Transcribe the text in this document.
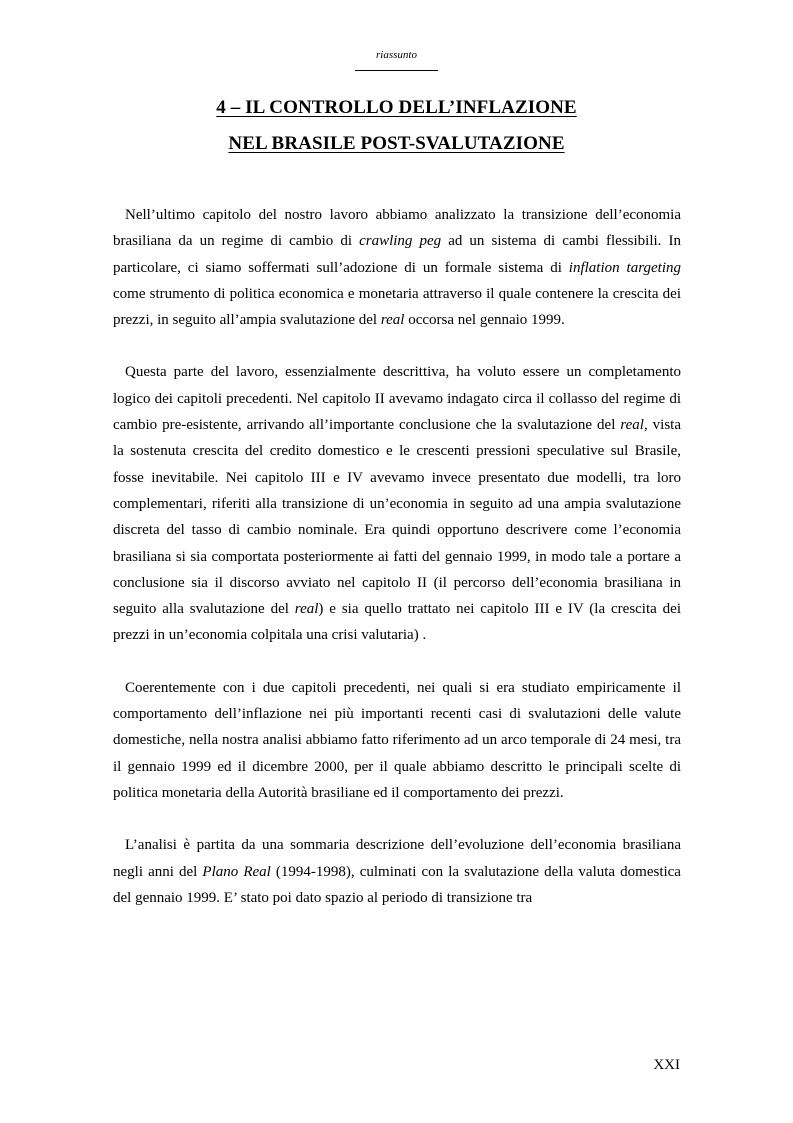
riassunto
4 – IL CONTROLLO DELL’INFLAZIONE
NEL BRASILE POST-SVALUTAZIONE

Nell’ultimo capitolo del nostro lavoro abbiamo analizzato la transizione dell’economia brasiliana da un regime di cambio di crawling peg ad un sistema di cambi flessibili. In particolare, ci siamo soffermati sull’adozione di un formale sistema di inflation targeting come strumento di politica economica e monetaria attraverso il quale contenere la crescita dei prezzi, in seguito all’ampia svalutazione del real occorsa nel gennaio 1999.

Questa parte del lavoro, essenzialmente descrittiva, ha voluto essere un completamento logico dei capitoli precedenti. Nel capitolo II avevamo indagato circa il collasso del regime di cambio pre-esistente, arrivando all’importante conclusione che la svalutazione del real, vista la sostenuta crescita del credito domestico e le crescenti pressioni speculative sul Brasile, fosse inevitabile. Nei capitolo III e IV avevamo invece presentato due modelli, tra loro complementari, riferiti alla transizione di un’economia in seguito ad una ampia svalutazione discreta del tasso di cambio nominale. Era quindi opportuno descrivere come l’economia brasiliana si sia comportata posteriormente ai fatti del gennaio 1999, in modo tale a portare a conclusione sia il discorso avviato nel capitolo II (il percorso dell’economia brasiliana in seguito alla svalutazione del real) e sia quello trattato nei capitolo III e IV (la crescita dei prezzi in un’economia colpitala una crisi valutaria) .

Coerentemente con i due capitoli precedenti, nei quali si era studiato empiricamente il comportamento dell’inflazione nei più importanti recenti casi di svalutazioni delle valute domestiche, nella nostra analisi abbiamo fatto riferimento ad un arco temporale di 24 mesi, tra il gennaio 1999 ed il dicembre 2000, per il quale abbiamo descritto le principali scelte di politica monetaria della Autorità brasiliane ed il comportamento dei prezzi.

L’analisi è partita da una sommaria descrizione dell’evoluzione dell’economia brasiliana negli anni del Plano Real (1994-1998), culminati con la svalutazione della valuta domestica del gennaio 1999. E’ stato poi dato spazio al periodo di transizione tra

XXI
